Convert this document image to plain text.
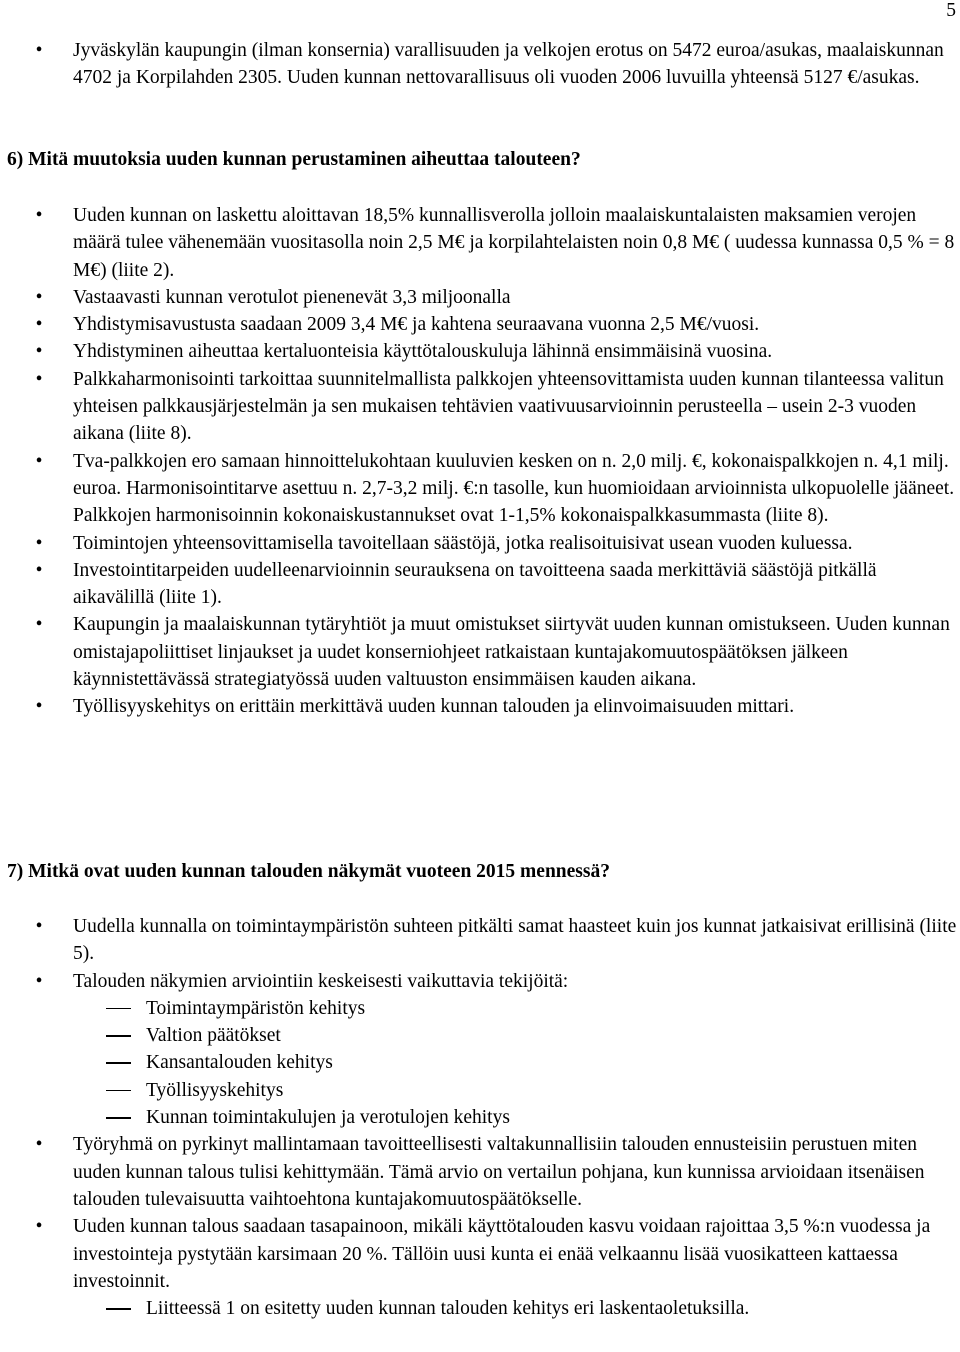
5
• Jyväskylän kaupungin (ilman konsernia) varallisuuden ja velkojen erotus on 5472 euroa/asukas, maalaiskunnan 4702 ja Korpilahden 2305. Uuden kunnan nettovarallisuus oli vuoden 2006 luvuilla yhteensä 5127 €/asukas.
6) Mitä muutoksia uuden kunnan perustaminen aiheuttaa talouteen?
• Uuden kunnan on laskettu aloittavan 18,5% kunnallisverolla jolloin maalaiskuntalaisten maksamien verojen määrä tulee vähenemään vuositasolla noin 2,5 M€ ja korpilahtelaisten noin 0,8 M€ ( uudessa kunnassa 0,5 % = 8 M€) (liite 2).
• Vastaavasti kunnan verotulot pienenevät 3,3 miljoonalla
• Yhdistymisavustusta saadaan 2009 3,4 M€ ja kahtena seuraavana vuonna 2,5 M€/vuosi.
• Yhdistyminen aiheuttaa kertaluonteisia käyttötalouskuluja lähinnä ensimmäisinä vuosina.
• Palkkaharmonisointi tarkoittaa suunnitelmallista palkkojen yhteensovittamista uuden kunnan tilanteessa valitun yhteisen palkkausjärjestelmän ja sen mukaisen tehtävien vaativuusarvioinnin perusteella – usein 2-3 vuoden aikana (liite 8).
• Tva-palkkojen ero samaan hinnoittelukohtaan kuuluvien kesken on n. 2,0 milj. €, kokonaispalkkojen n. 4,1 milj. euroa. Harmonisointitarve asettuu n. 2,7-3,2 milj. €:n tasolle, kun huomioidaan arvioinnista ulkopuolelle jääneet. Palkkojen harmonisoinnin kokonaiskustannukset ovat 1-1,5% kokonaispalkkasummasta (liite 8).
• Toimintojen yhteensovittamisella tavoitellaan säästöjä, jotka realisoituisivat usean vuoden kuluessa.
• Investointitarpeiden uudelleenarvioinnin seurauksena on tavoitteena saada merkittäviä säästöjä pitkällä aikavälillä (liite 1).
• Kaupungin ja maalaiskunnan tytäryhtiöt ja muut omistukset siirtyvät uuden kunnan omistukseen. Uuden kunnan omistajapoliittiset linjaukset ja uudet konserniohjeet ratkaistaan kuntajakomuutospäätöksen jälkeen käynnistettävässä strategiatyössä uuden valtuuston ensimmäisen kauden aikana.
• Työllisyyskehitys on erittäin merkittävä uuden kunnan talouden ja elinvoimaisuuden mittari.
7) Mitkä ovat uuden kunnan talouden näkymät vuoteen 2015 mennessä?
• Uudella kunnalla on toimintaympäristön suhteen pitkälti samat haasteet kuin jos kunnat jatkaisivat erillisinä (liite 5).
• Talouden näkymien arviointiin keskeisesti vaikuttavia tekijöitä:
Toimintaympäristön kehitys
Valtion päätökset
Kansantalouden kehitys
Työllisyyskehitys
Kunnan toimintakulujen ja verotulojen kehitys
• Työryhmä on pyrkinyt mallintamaan tavoitteellisesti valtakunnallisiin talouden ennusteisiin perustuen miten uuden kunnan talous tulisi kehittymään. Tämä arvio on vertailun pohjana, kun kunnissa arvioidaan itsenäisen talouden tulevaisuutta vaihtoehtona kuntajakomuutospäätökselle.
• Uuden kunnan talous saadaan tasapainoon, mikäli käyttötalouden kasvu voidaan rajoittaa 3,5 %:n vuodessa ja investointeja pystytään karsimaan 20 %. Tällöin uusi kunta ei enää velkaannu lisää vuosikatteen kattaessa investoinnit.
Liitteessä 1 on esitetty uuden kunnan talouden kehitys eri laskentaoletuksilla.
